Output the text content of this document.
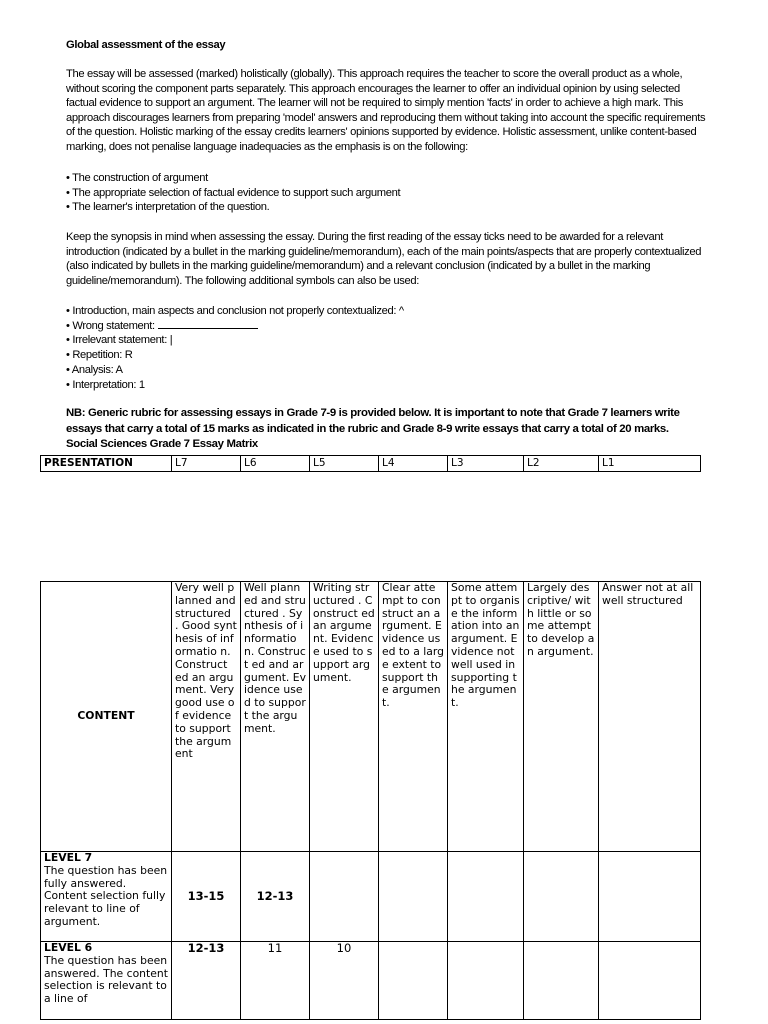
Global assessment of the essay

The essay will be assessed (marked) holistically (globally). This approach requires the teacher to score the overall product as a whole, without scoring the component parts separately. This approach encourages the learner to offer an individual opinion by using selected factual evidence to support an argument. The learner will not be required to simply mention 'facts' in order to achieve a high mark. This approach discourages learners from preparing 'model' answers and reproducing them without taking into account the specific requirements of the question. Holistic marking of the essay credits learners' opinions supported by evidence. Holistic assessment, unlike content-based marking, does not penalise language inadequacies as the emphasis is on the following:

• The construction of argument
• The appropriate selection of factual evidence to support such argument
• The learner's interpretation of the question.

Keep the synopsis in mind when assessing the essay. During the first reading of the essay ticks need to be awarded for a relevant introduction (indicated by a bullet in the marking guideline/memorandum), each of the main points/aspects that are properly contextualized (also indicated by bullets in the marking guideline/memorandum) and a relevant conclusion (indicated by a bullet in the marking guideline/memorandum). The following additional symbols can also be used:

• Introduction, main aspects and conclusion not properly contextualized: ^
• Wrong statement:
• Irrelevant statement: |
• Repetition: R
• Analysis: A
• Interpretation: 1
NB: Generic rubric for assessing essays in Grade 7-9 is provided below. It is important to note that Grade 7 learners write essays that carry a total of 15 marks as indicated in the rubric and Grade 8-9 write essays that carry a total of 20 marks.
Social Sciences Grade 7 Essay Matrix
PRESENTATION	L7	L6	L5	L4	L3	L2	L1
CONTENT	Very well planned and structured . Good synthesis of informatio n. Construct ed an argument. Very good use of evidence to support the argument	Well planned and structured . Synthesis of informatio n. Construct ed and argument. Evidence used to support the argument.	Writing structured . Construct ed an argument. Evidence used to support argument.	Clear attempt to construct an argument. Evidence used to a large extent to support the argument.	Some attempt to organise the information into an argument. Evidence not well used in supporting the argument.	Largely descriptive/ with little or some attempt to develop an argument.	Answer not at all well structured

LEVEL 7
The question has been fully answered. Content selection fully relevant to line of argument.	13-15	12-13					

LEVEL 6
The question has been answered. The content selection is relevant to a line of	12-13	11	10				
